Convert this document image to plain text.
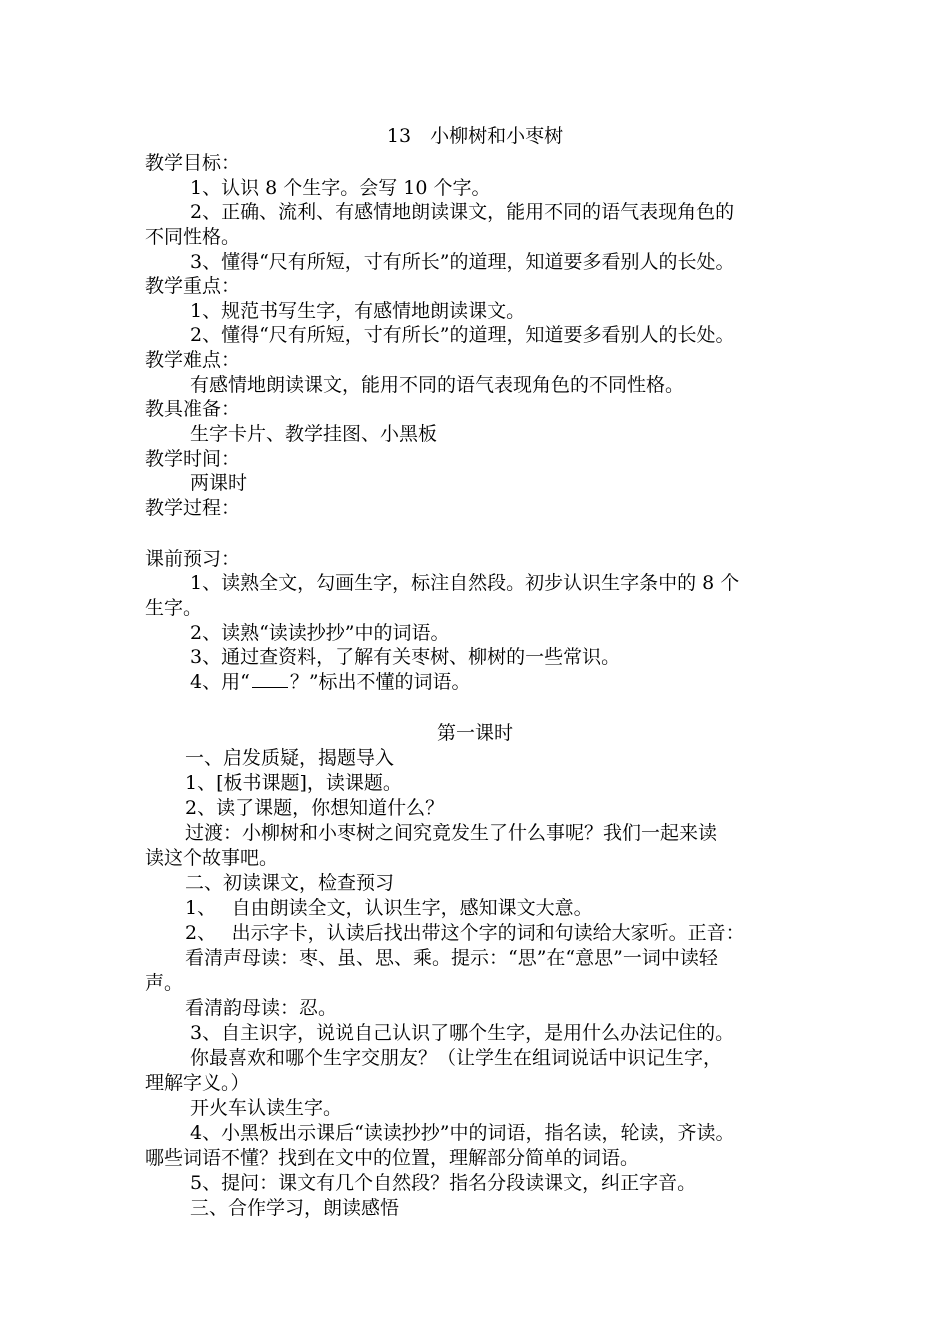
13　小柳树和小枣树
教学目标：
1、认识 8 个生字。会写 10 个字。
2、正确、流利、有感情地朗读课文，能用不同的语气表现角色的
不同性格。
3、懂得“尺有所短，寸有所长”的道理，知道要多看别人的长处。
教学重点：
1、规范书写生字，有感情地朗读课文。
2、懂得“尺有所短，寸有所长”的道理，知道要多看别人的长处。
教学难点：
有感情地朗读课文，能用不同的语气表现角色的不同性格。
教具准备：
生字卡片、教学挂图、小黑板
教学时间：
两课时
教学过程：
课前预习：
1、读熟全文，勾画生字，标注自然段。初步认识生字条中的 8 个
生字。
2、读熟“读读抄抄”中的词语。
3、通过查资料，了解有关枣树、柳树的一些常识。
4、用“ ？”标出不懂的词语。
第一课时
一、启发质疑，揭题导入
1、[板书课题]，读课题。
2、读了课题，你想知道什么？
过渡：小柳树和小枣树之间究竟发生了什么事呢？我们一起来读
读这个故事吧。
二、初读课文，检查预习
1、　 自由朗读全文，认识生字，感知课文大意。
2、　 出示字卡，认读后找出带这个字的词和句读给大家听。正音：
看清声母读：枣、虽、思、乘。提示：“思”在“意思”一词中读轻
声。
看清韵母读：忍。
3、自主识字，说说自己认识了哪个生字，是用什么办法记住的。
你最喜欢和哪个生字交朋友？（让学生在组词说话中识记生字，
理解字义。）
开火车认读生字。
4、小黑板出示课后“读读抄抄”中的词语，指名读，轮读，齐读。
哪些词语不懂？找到在文中的位置，理解部分简单的词语。
5、提问：课文有几个自然段？指名分段读课文，纠正字音。
三、合作学习，朗读感悟
